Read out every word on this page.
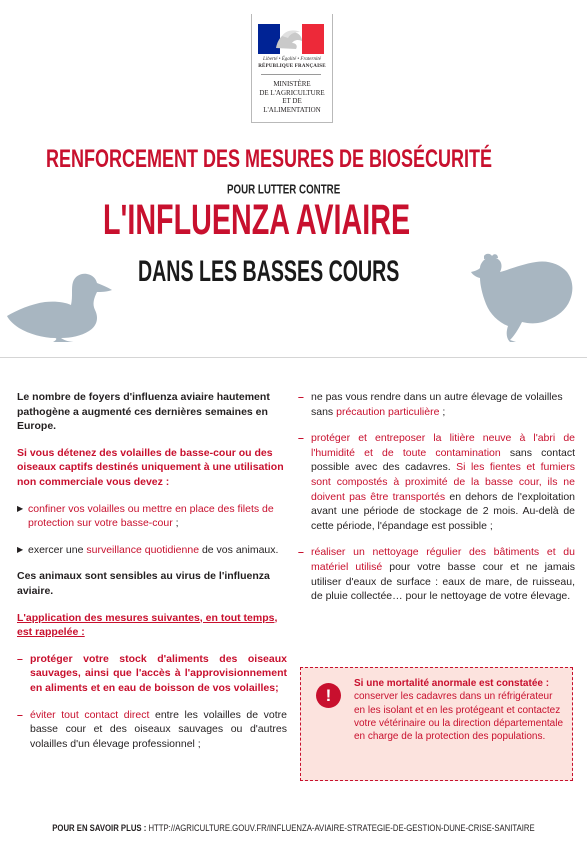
Liberté • Égalité • Fraternité
RÉPUBLIQUE FRANÇAISE
MINISTÈRE
DE L'AGRICULTURE
ET DE
L'ALIMENTATION
RENFORCEMENT DES MESURES DE BIOSÉCURITÉ
POUR LUTTER CONTRE
L'INFLUENZA AVIAIRE
DANS LES BASSES COURS

Le nombre de foyers d'influenza aviaire hautement pathogène a augmenté ces dernières semaines en Europe.

Si vous détenez des volailles de basse-cour ou des oiseaux captifs destinés uniquement à une utilisation non commerciale vous devez :

▶ confiner vos volailles ou mettre en place des filets de protection sur votre basse-cour ;
▶ exercer une surveillance quotidienne de vos animaux.

Ces animaux sont sensibles au virus de l'influenza aviaire.

L'application des mesures suivantes, en tout temps, est rappelée :

– protéger votre stock d'aliments des oiseaux sauvages, ainsi que l'accès à l'approvisionnement en aliments et en eau de boisson de vos volailles;
– éviter tout contact direct entre les volailles de votre basse cour et des oiseaux sauvages ou d'autres volailles d'un élevage professionnel ;
– ne pas vous rendre dans un autre élevage de volailles sans précaution particulière ;
– protéger et entreposer la litière neuve à l'abri de l'humidité et de toute contamination sans contact possible avec des cadavres. Si les fientes et fumiers sont compostés à proximité de la basse cour, ils ne doivent pas être transportés en dehors de l'exploitation avant une période de stockage de 2 mois. Au-delà de cette période, l'épandage est possible ;
– réaliser un nettoyage régulier des bâtiments et du matériel utilisé pour votre basse cour et ne jamais utiliser d'eaux de surface : eaux de mare, de ruisseau, de pluie collectée… pour le nettoyage de votre élevage.
!
Si une mortalité anormale est constatée : conserver les cadavres dans un réfrigérateur en les isolant et en les protégeant et contactez votre vétérinaire ou la direction départementale en charge de la protection des populations.
POUR EN SAVOIR PLUS : HTTP://AGRICULTURE.GOUV.FR/INFLUENZA-AVIAIRE-STRATEGIE-DE-GESTION-DUNE-CRISE-SANITAIRE
